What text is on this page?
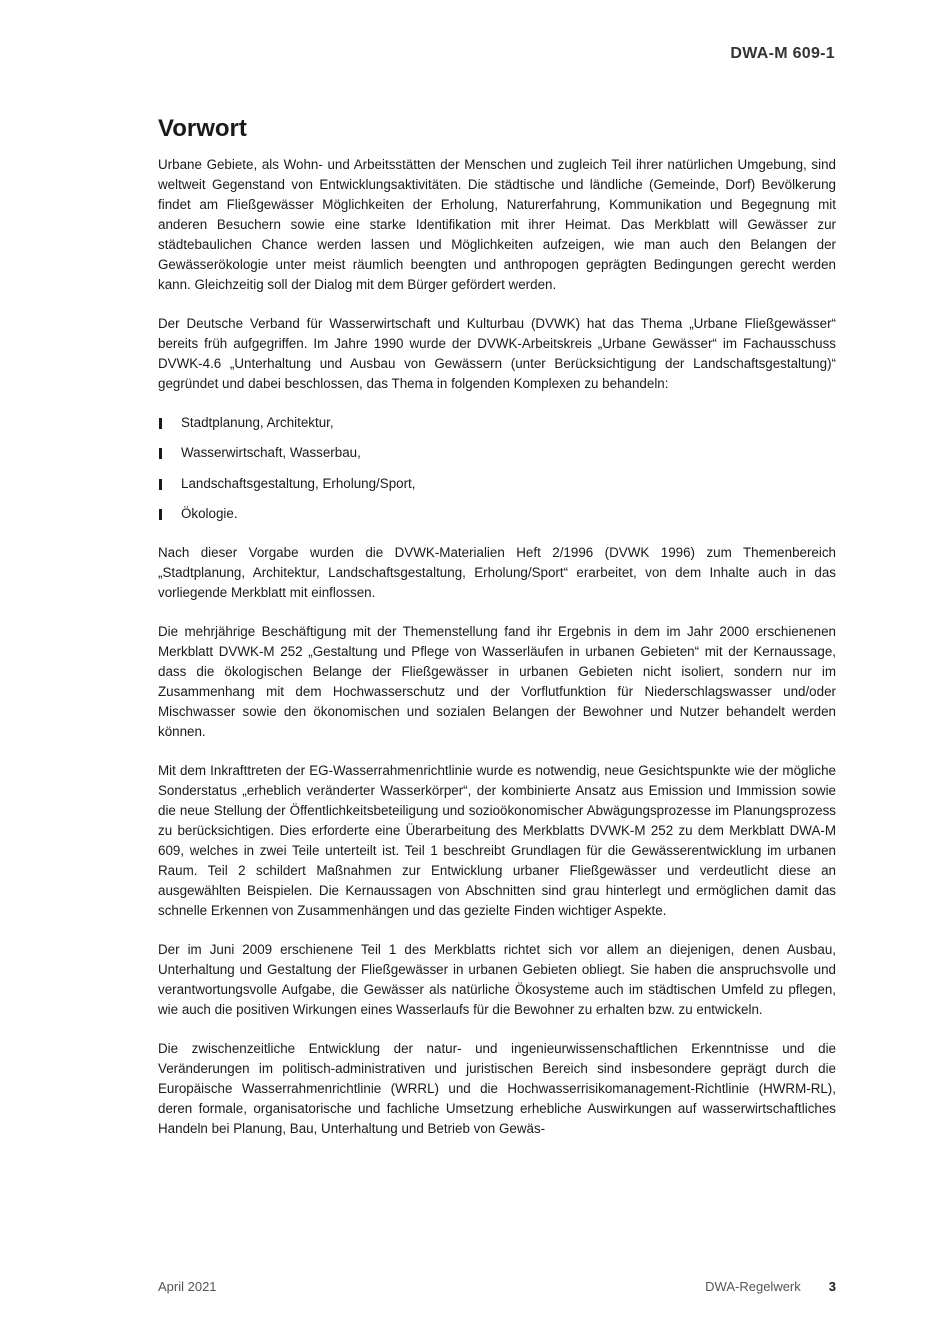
DWA-M 609-1
Vorwort

Urbane Gebiete, als Wohn- und Arbeitsstätten der Menschen und zugleich Teil ihrer natürlichen Umgebung, sind weltweit Gegenstand von Entwicklungsaktivitäten. Die städtische und ländliche (Gemeinde, Dorf) Bevölkerung findet am Fließgewässer Möglichkeiten der Erholung, Naturerfahrung, Kommunikation und Begegnung mit anderen Besuchern sowie eine starke Identifikation mit ihrer Heimat. Das Merkblatt will Gewässer zur städtebaulichen Chance werden lassen und Möglichkeiten aufzeigen, wie man auch den Belangen der Gewässerökologie unter meist räumlich beengten und anthropogen geprägten Bedingungen gerecht werden kann. Gleichzeitig soll der Dialog mit dem Bürger gefördert werden.

Der Deutsche Verband für Wasserwirtschaft und Kulturbau (DVWK) hat das Thema „Urbane Fließgewässer“ bereits früh aufgegriffen. Im Jahre 1990 wurde der DVWK-Arbeitskreis „Urbane Gewässer“ im Fachausschuss DVWK-4.6 „Unterhaltung und Ausbau von Gewässern (unter Berücksichtigung der Landschaftsgestaltung)“ gegründet und dabei beschlossen, das Thema in folgenden Komplexen zu behandeln:

Stadtplanung, Architektur,
Wasserwirtschaft, Wasserbau,
Landschaftsgestaltung, Erholung/Sport,
Ökologie.

Nach dieser Vorgabe wurden die DVWK-Materialien Heft 2/1996 (DVWK 1996) zum Themenbereich „Stadtplanung, Architektur, Landschaftsgestaltung, Erholung/Sport“ erarbeitet, von dem Inhalte auch in das vorliegende Merkblatt mit einflossen.

Die mehrjährige Beschäftigung mit der Themenstellung fand ihr Ergebnis in dem im Jahr 2000 erschienenen Merkblatt DVWK-M 252 „Gestaltung und Pflege von Wasserläufen in urbanen Gebieten“ mit der Kernaussage, dass die ökologischen Belange der Fließgewässer in urbanen Gebieten nicht isoliert, sondern nur im Zusammenhang mit dem Hochwasserschutz und der Vorflutfunktion für Niederschlagswasser und/oder Mischwasser sowie den ökonomischen und sozialen Belangen der Bewohner und Nutzer behandelt werden können.

Mit dem Inkrafttreten der EG-Wasserrahmenrichtlinie wurde es notwendig, neue Gesichtspunkte wie der mögliche Sonderstatus „erheblich veränderter Wasserkörper“, der kombinierte Ansatz aus Emission und Immission sowie die neue Stellung der Öffentlichkeitsbeteiligung und sozioökonomischer Abwägungsprozesse im Planungsprozess zu berücksichtigen. Dies erforderte eine Überarbeitung des Merkblatts DVWK-M 252 zu dem Merkblatt DWA-M 609, welches in zwei Teile unterteilt ist. Teil 1 beschreibt Grundlagen für die Gewässerentwicklung im urbanen Raum. Teil 2 schildert Maßnahmen zur Entwicklung urbaner Fließgewässer und verdeutlicht diese an ausgewählten Beispielen. Die Kernaussagen von Abschnitten sind grau hinterlegt und ermöglichen damit das schnelle Erkennen von Zusammenhängen und das gezielte Finden wichtiger Aspekte.

Der im Juni 2009 erschienene Teil 1 des Merkblatts richtet sich vor allem an diejenigen, denen Ausbau, Unterhaltung und Gestaltung der Fließgewässer in urbanen Gebieten obliegt. Sie haben die anspruchsvolle und verantwortungsvolle Aufgabe, die Gewässer als natürliche Ökosysteme auch im städtischen Umfeld zu pflegen, wie auch die positiven Wirkungen eines Wasserlaufs für die Bewohner zu erhalten bzw. zu entwickeln.

Die zwischenzeitliche Entwicklung der natur- und ingenieurwissenschaftlichen Erkenntnisse und die Veränderungen im politisch-administrativen und juristischen Bereich sind insbesondere geprägt durch die Europäische Wasserrahmenrichtlinie (WRRL) und die Hochwasserrisikomanagement-Richtlinie (HWRM-RL), deren formale, organisatorische und fachliche Umsetzung erhebliche Auswirkungen auf wasserwirtschaftliches Handeln bei Planung, Bau, Unterhaltung und Betrieb von Gewäs-

April 2021	DWA-Regelwerk 3
